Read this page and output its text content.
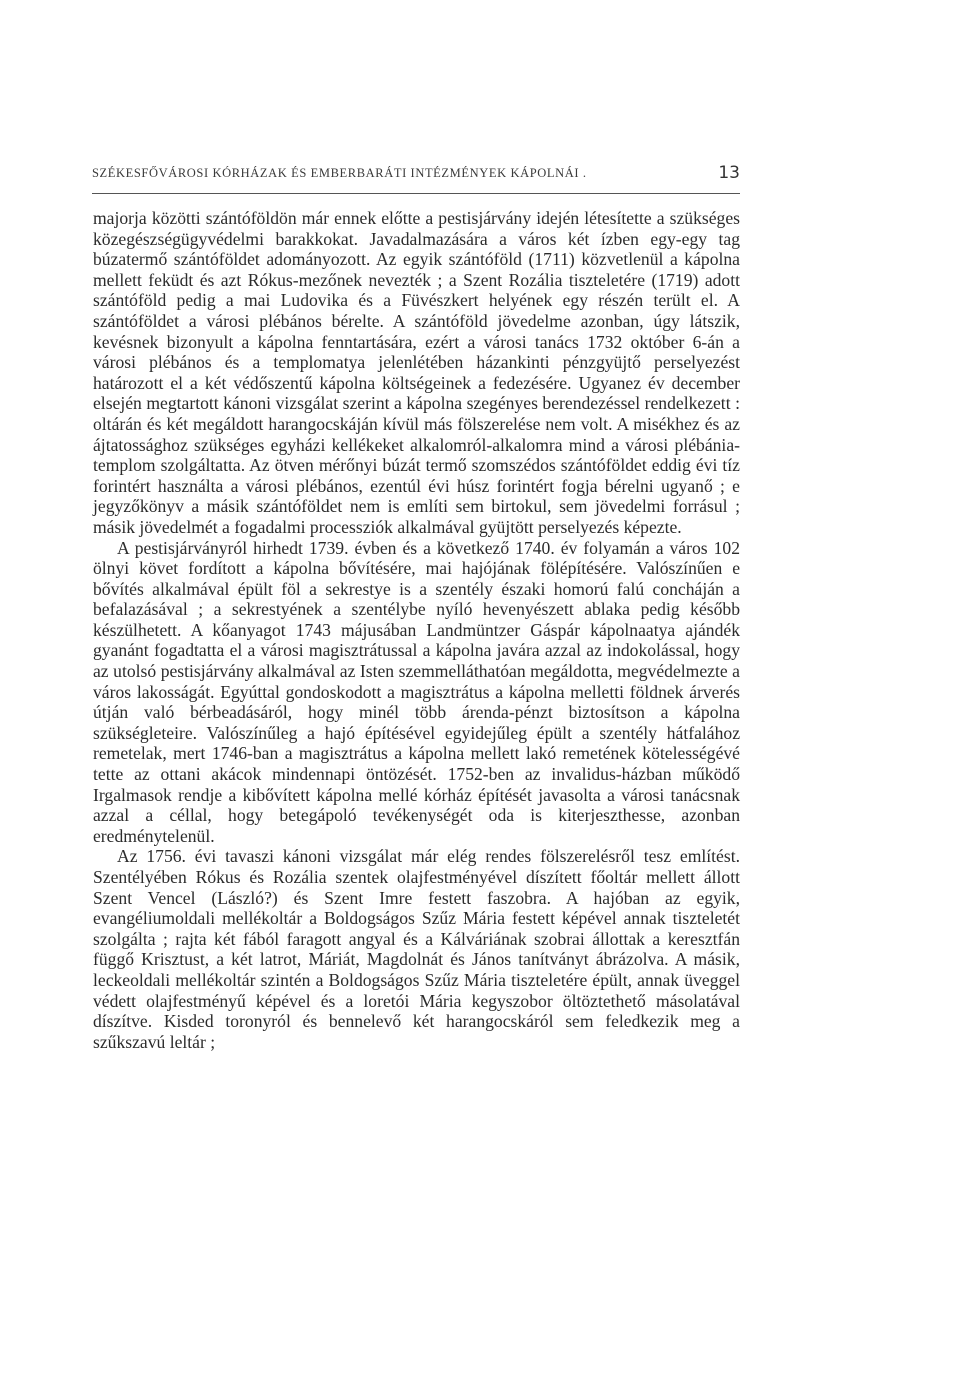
SZÉKESFŐVÁROSI KÓRHÁZAK ÉS EMBERBARÁTI INTÉZMÉNYEK KÁPOLNÁI .	13

majorja közötti szántóföldön már ennek előtte a pestisjárvány idején létesítette a szükséges közegészségügyvédelmi barakkokat. Javadalmazására a város két ízben egy-egy tag búzatermő szántóföldet adományozott. Az egyik szántóföld (1711) közvetlenül a kápolna mellett feküdt és azt Rókus-mezőnek nevezték ; a Szent Rozália tiszteletére (1719) adott szántóföld pedig a mai Ludovika és a Füvészkert helyének egy részén terült el. A szántóföldet a városi plébános bérelte. A szántóföld jövedelme azonban, úgy látszik, kevésnek bizonyult a kápolna fenntartására, ezért a városi tanács 1732 október 6-án a városi plébános és a templomatya jelenlétében házankinti pénzgyüjtő perselyezést határozott el a két védőszentű kápolna költségeinek a fedezésére. Ugyanez év december elsején megtartott kánoni vizsgálat szerint a kápolna szegényes berendezéssel rendelkezett : oltárán és két megáldott harangocskáján kívül más fölszerelése nem volt. A misékhez és az ájtatossághoz szükséges egyházi kellékeket alkalomról-alkalomra mind a városi plébánia-templom szolgáltatta. Az ötven mérőnyi búzát termő szomszédos szántóföldet eddig évi tíz forintért használta a városi plébános, ezentúl évi húsz forintért fogja bérelni ugyanő ; e jegyzőkönyv a másik szántóföldet nem is említi sem birtokul, sem jövedelmi forrásul ; másik jövedelmét a fogadalmi processziók alkalmával gyüjtött perselyezés képezte.

A pestisjárványról hirhedt 1739. évben és a következő 1740. év folyamán a város 102 ölnyi követ fordított a kápolna bővítésére, mai hajójának fölépítésére. Valószínűen e bővítés alkalmával épült föl a sekrestye is a szentély északi homorú falú concháján a befalazásával ; a sekrestyének a szentélybe nyíló hevenyészett ablaka pedig később készülhetett. A kőanyagot 1743 májusában Landmüntzer Gáspár kápolnaatya ajándék gyanánt fogadtatta el a városi magisztrátussal a kápolna javára azzal az indokolással, hogy az utolsó pestisjárvány alkalmával az Isten szemmelláthatóan megáldotta, megvédelmezte a város lakosságát. Egyúttal gondoskodott a magisztrátus a kápolna melletti földnek árverés útján való bérbeadásáról, hogy minél több árenda-pénzt biztosítson a kápolna szükségleteire. Valószínűleg a hajó építésével egyidejűleg épült a szentély hátfalához remetelak, mert 1746-ban a magisztrátus a kápolna mellett lakó remetének kötelességévé tette az ottani akácok mindennapi öntözését. 1752-ben az invalidus-házban működő Irgalmasok rendje a kibővített kápolna mellé kórház építését javasolta a városi tanácsnak azzal a céllal, hogy betegápoló tevékenységét oda is kiterjeszthesse, azonban eredménytelenül.

Az 1756. évi tavaszi kánoni vizsgálat már elég rendes fölszerelésről tesz említést. Szentélyében Rókus és Rozália szentek olajfestményével díszített főoltár mellett állott Szent Vencel (László?) és Szent Imre festett faszobra. A hajóban az egyik, evangéliumoldali mellékoltár a Boldogságos Szűz Mária festett képével annak tiszteletét szolgálta ; rajta két fából faragott angyal és a Kálváriának szobrai állottak a keresztfán függő Krisztust, a két latrot, Máriát, Magdolnát és János tanítványt ábrázolva. A másik, leckeoldali mellékoltár szintén a Boldogságos Szűz Mária tiszteletére épült, annak üveggel védett olajfestményű képével és a loretói Mária kegyszobor öltöztethető másolatával díszítve. Kisded toronyról és bennelevő két harangocskáról sem feledkezik meg a szűkszavú leltár ;
